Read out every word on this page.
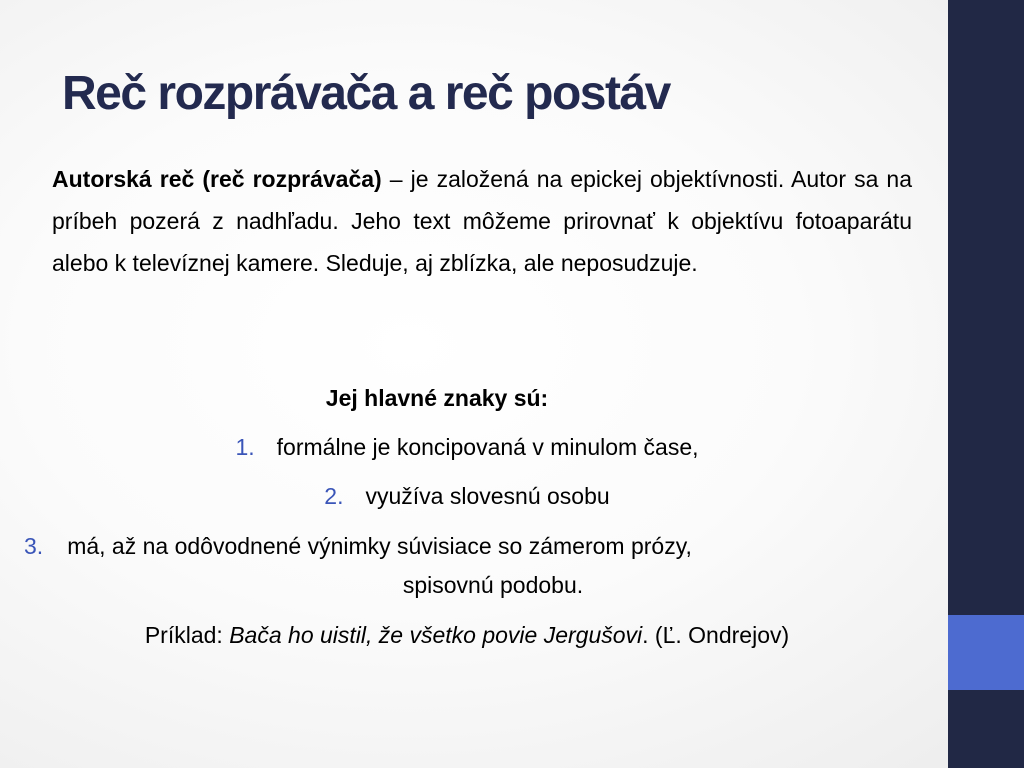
Reč rozprávača a reč postáv

Autorská reč (reč rozprávača) – je založená na epickej objektívnosti. Autor sa na príbeh pozerá z nadhľadu. Jeho text môžeme prirovnať k objektívu fotoaparátu alebo k televíznej kamere. Sleduje, aj zblízka, ale neposudzuje.

Jej hlavné znaky sú:

1. formálne je koncipovaná v minulom čase,

2. využíva slovesnú osobu

3. má, až na odôvodnené výnimky súvisiace so zámerom prózy,

spisovnú podobu.

Príklad: Bača ho uistil, že všetko povie Jergušovi. (Ľ. Ondrejov)
